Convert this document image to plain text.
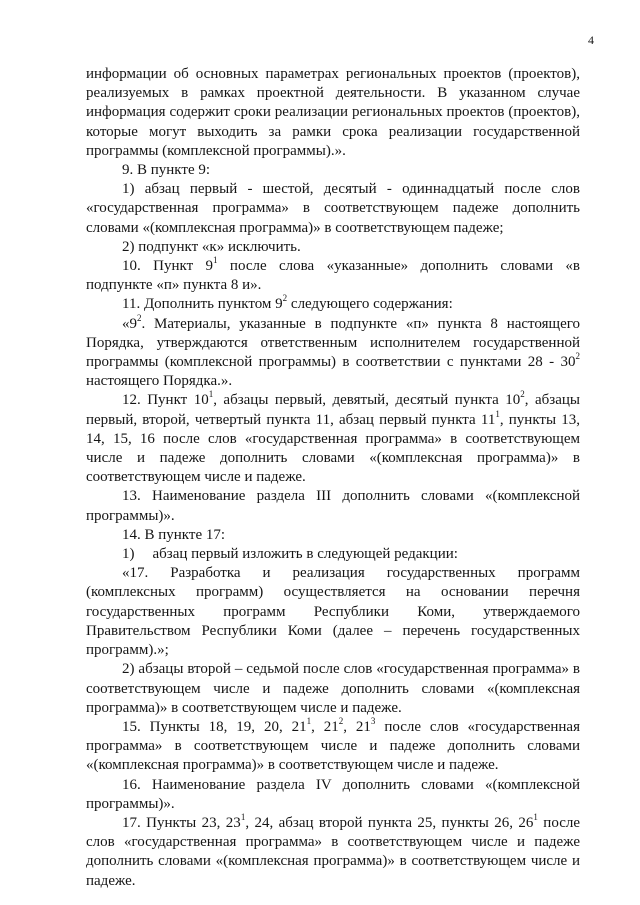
4

информации об основных параметрах региональных проектов (проектов), реализуемых в рамках проектной деятельности. В указанном случае информация содержит сроки реализации региональных проектов (проектов), которые могут выходить за рамки срока реализации государственной программы (комплексной программы).».

9. В пункте 9:

1) абзац первый - шестой, десятый - одиннадцатый после слов «государственная программа» в соответствующем падеже дополнить словами «(комплексная программа)» в соответствующем падеже;

2) подпункт «к» исключить.

10. Пункт $9^1$ после слова «указанные» дополнить словами «в подпункте «п» пункта 8 и».

11. Дополнить пунктом $9^2$ следующего содержания:

«$9^2$. Материалы, указанные в подпункте «п» пункта 8 настоящего Порядка, утверждаются ответственным исполнителем государственной программы (комплексной программы) в соответствии с пунктами $28 - 30^2$ настоящего Порядка.».

12. Пункт $10^1$, абзацы первый, девятый, десятый пункта $10^2$, абзацы первый, второй, четвертый пункта 11, абзац первый пункта $11^1$, пункты 13, 14, 15, 16 после слов «государственная программа» в соответствующем числе и падеже дополнить словами «(комплексная программа)» в соответствующем числе и падеже.

13. Наименование раздела III дополнить словами «(комплексной программы)».

14. В пункте 17:

1) абзац первый изложить в следующей редакции:

«17. Разработка и реализация государственных программ (комплексных программ) осуществляется на основании перечня государственных программ Республики Коми, утверждаемого Правительством Республики Коми (далее – перечень государственных программ).»;

2) абзацы второй – седьмой после слов «государственная программа» в соответствующем числе и падеже дополнить словами «(комплексная программа)» в соответствующем числе и падеже.

15. Пункты 18, 19, 20, $21^1$, $21^2$, $21^3$ после слов «государственная программа» в соответствующем числе и падеже дополнить словами «(комплексная программа)» в соответствующем числе и падеже.

16. Наименование раздела IV дополнить словами «(комплексной программы)».

17. Пункты 23, $23^1$, 24, абзац второй пункта 25, пункты 26, $26^1$ после слов «государственная программа» в соответствующем числе и падеже дополнить словами «(комплексная программа)» в соответствующем числе и падеже.
